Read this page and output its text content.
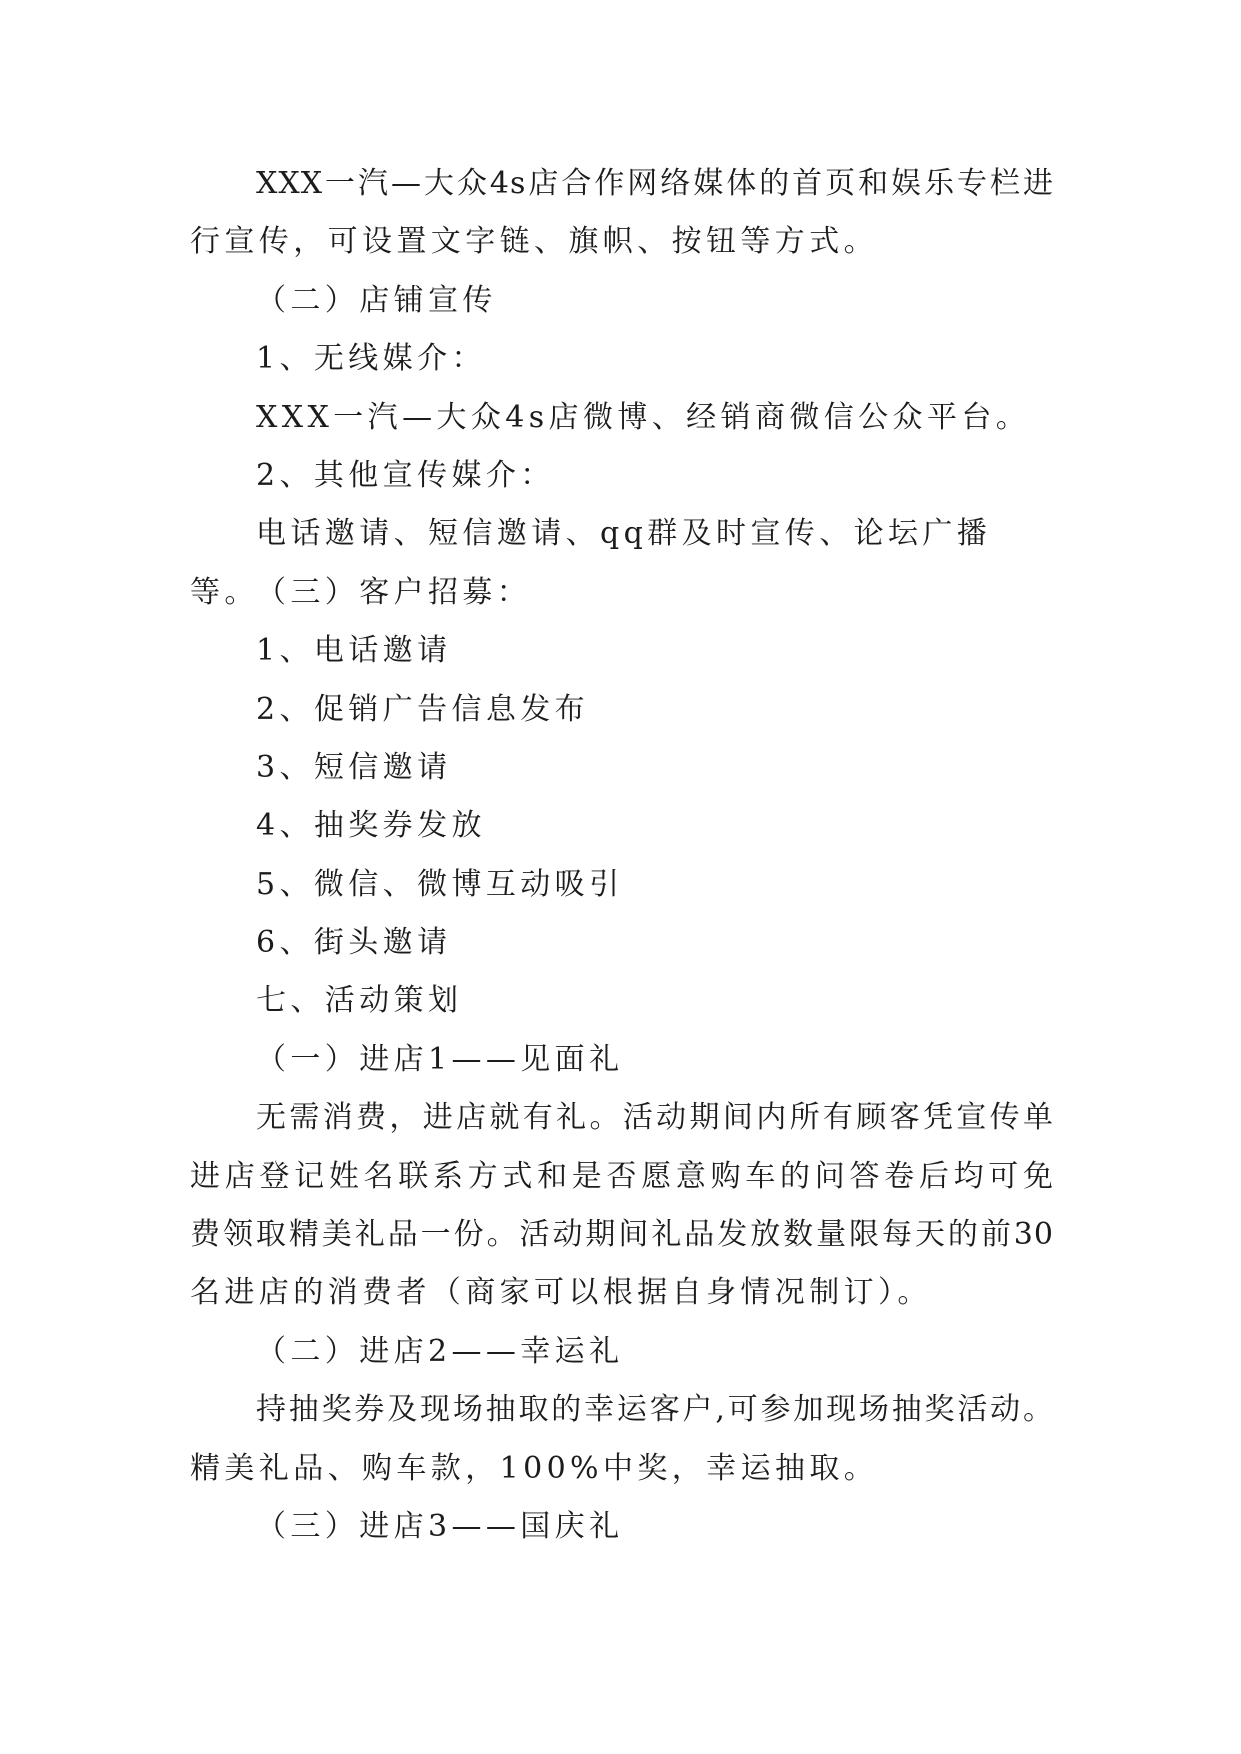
XXX一汽—大众4s店合作网络媒体的首页和娱乐专栏进
行宣传，可设置文字链、旗帜、按钮等方式。
（二）店铺宣传
1、无线媒介：
XXX一汽—大众4s店微博、经销商微信公众平台。
2、其他宣传媒介：
电话邀请、短信邀请、qq群及时宣传、论坛广播等。
（三）客户招募：
1、电话邀请
2、促销广告信息发布
3、短信邀请
4、抽奖券发放
5、微信、微博互动吸引
6、街头邀请
七、活动策划
（一）进店1——见面礼
无需消费，进店就有礼。活动期间内所有顾客凭宣传单
进店登记姓名联系方式和是否愿意购车的问答卷后均可免
费领取精美礼品一份。活动期间礼品发放数量限每天的前30
名进店的消费者（商家可以根据自身情况制订）。
（二）进店2——幸运礼
持抽奖券及现场抽取的幸运客户,可参加现场抽奖活动。
精美礼品、购车款，100%中奖，幸运抽取。
（三）进店3——国庆礼
